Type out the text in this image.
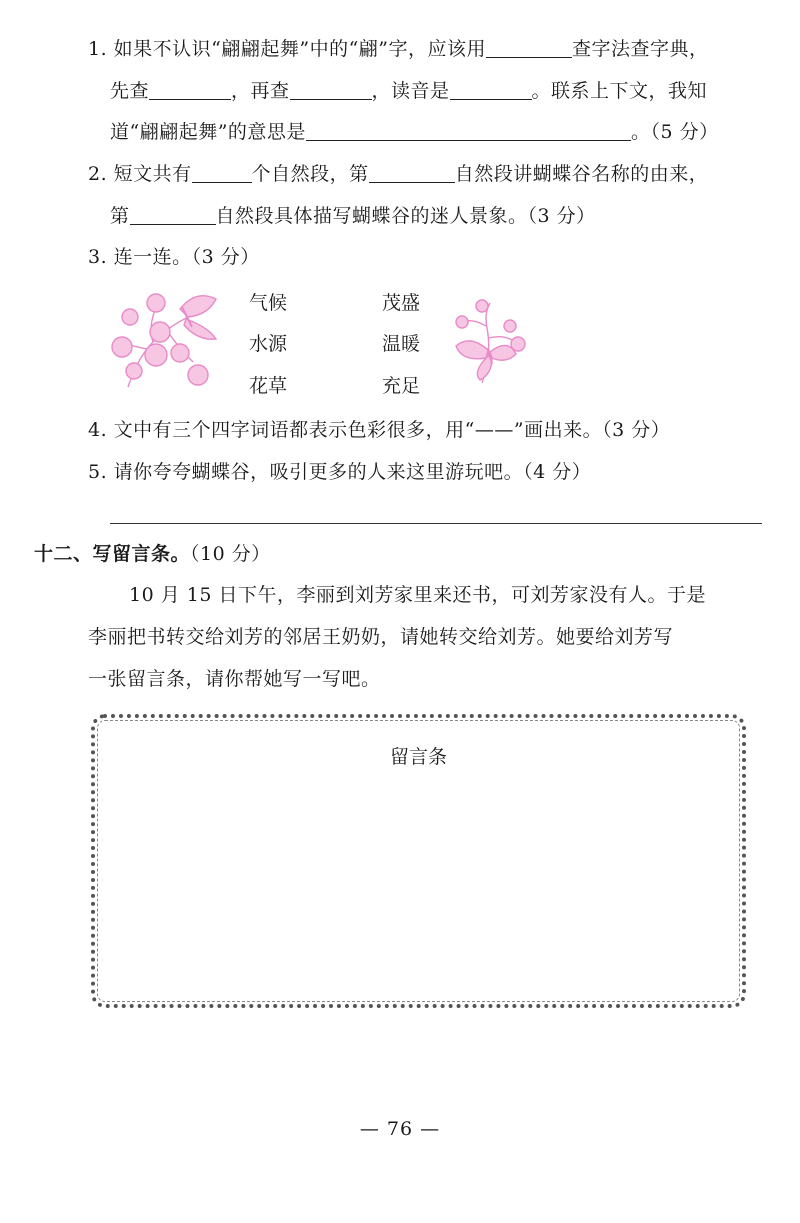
1. 如果不认识“翩翩起舞”中的“翩”字，应该用	查字法查字典，
先查	，再查	，读音是	。联系上下文，我知
道“翩翩起舞”的意思是	。（5 分）
2. 短文共有	个自然段，第	自然段讲蝴蝶谷名称的由来，
第	自然段具体描写蝴蝶谷的迷人景象。（3 分）
3. 连一连。（3 分）
气候
水源
花草
茂盛
温暖
充足
4. 文中有三个四字词语都表示色彩很多，用“——”画出来。（3 分）
5. 请你夸夸蝴蝶谷，吸引更多的人来这里游玩吧。（4 分）
十二、写留言条。（10 分）
10 月 15 日下午，李丽到刘芳家里来还书，可刘芳家没有人。于是
李丽把书转交给刘芳的邻居王奶奶，请她转交给刘芳。她要给刘芳写
一张留言条，请你帮她写一写吧。
留言条
— 76 —
